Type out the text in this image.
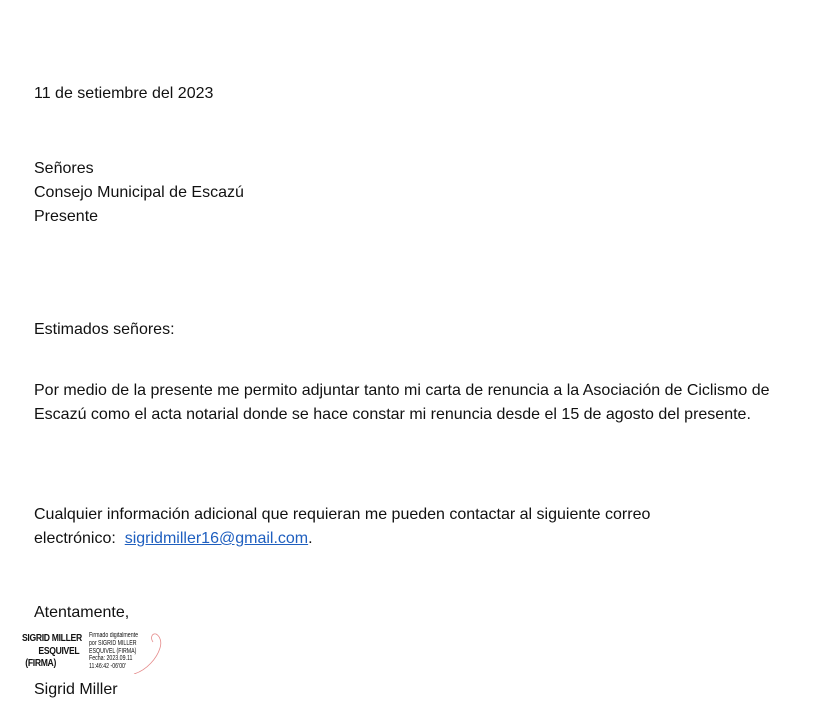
11 de setiembre del 2023
Señores
Consejo Municipal de Escazú
Presente
Estimados señores:
Por medio de la presente me permito adjuntar tanto mi carta de renuncia a la Asociación de Ciclismo de Escazú como el acta notarial donde se hace constar mi renuncia desde el 15 de agosto del presente.
Cualquier información adicional que requieran me pueden contactar al siguiente correo electrónico: sigridmiller16@gmail.com.
Atentamente,
SIGRID MILLER
ESQUIVEL
(FIRMA)
Firmado digitalmente
por SIGRID MILLER
ESQUIVEL (FIRMA)
Fecha: 2023.09.11
11:46:42 -06'00'
Sigrid Miller
